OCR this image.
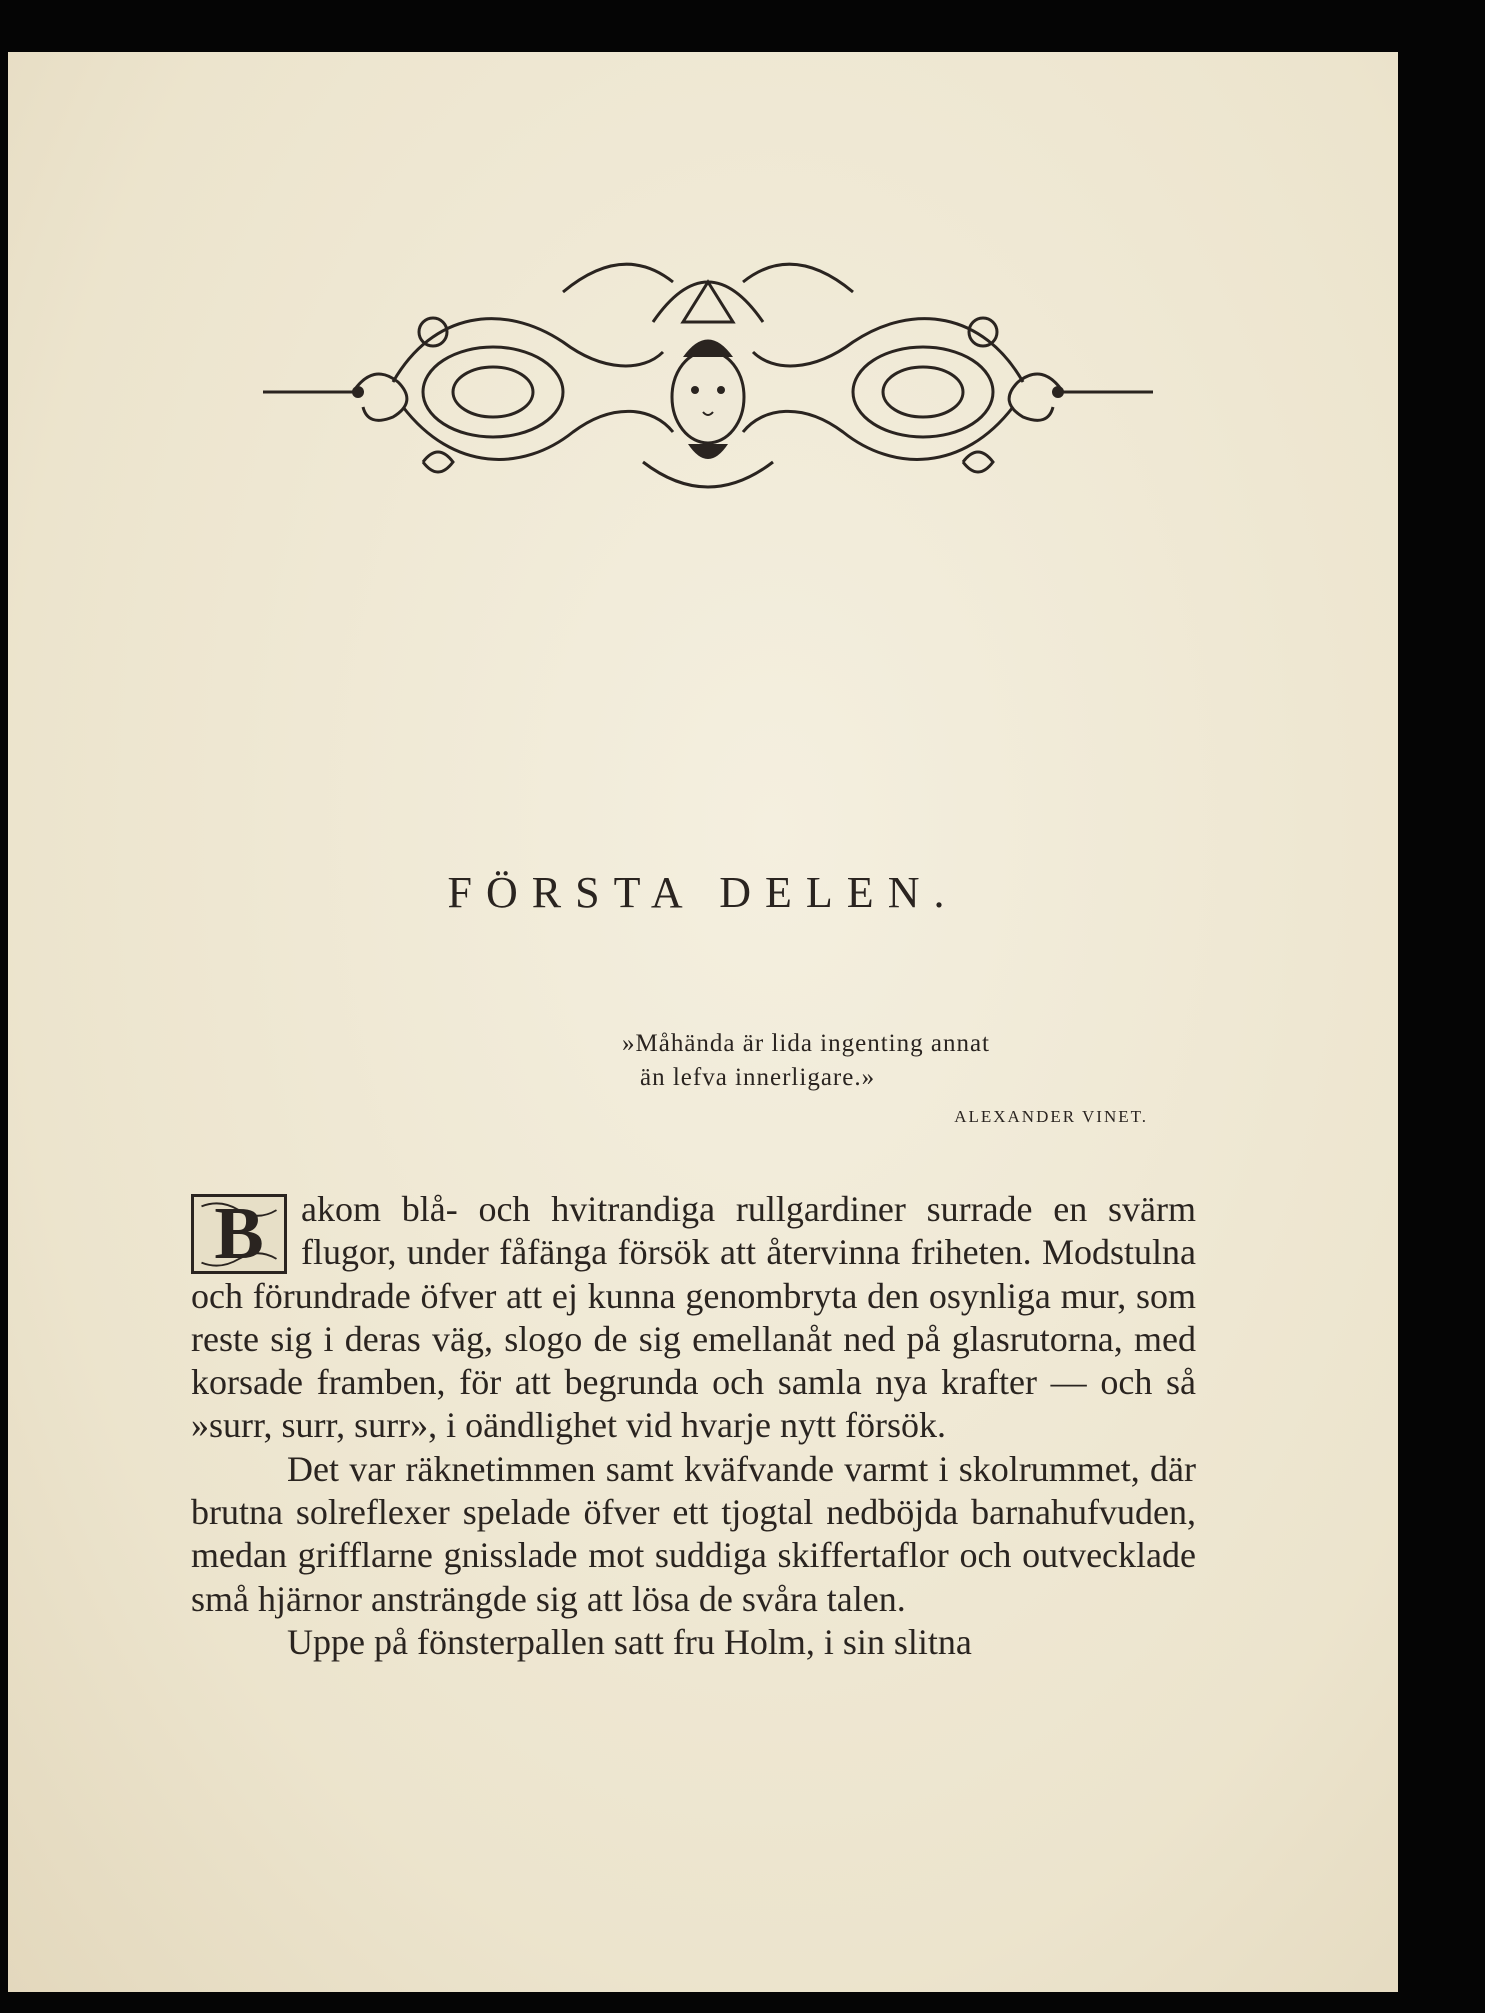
FÖRSTA DELEN.
»Måhända är lida ingenting annat
än lefva innerligare.»
ALEXANDER VINET.

B	akom blå- och hvitrandiga rullgardiner surrade en svärm flugor, under fåfänga försök att återvinna friheten. Modstulna och förundrade öfver att ej kunna genombryta den osynliga mur, som reste sig i deras väg, slogo de sig emellanåt ned på glasrutorna, med korsade framben, för att begrunda och samla nya krafter — och så »surr, surr, surr», i oändlighet vid hvarje nytt försök.

Det var räknetimmen samt kväfvande varmt i skolrummet, där brutna solreflexer spelade öfver ett tjogtal nedböjda barnahufvuden, medan grifflarne gnisslade mot suddiga skiffertaflor och outvecklade små hjärnor ansträngde sig att lösa de svåra talen.

Uppe på fönsterpallen satt fru Holm, i sin slitna
